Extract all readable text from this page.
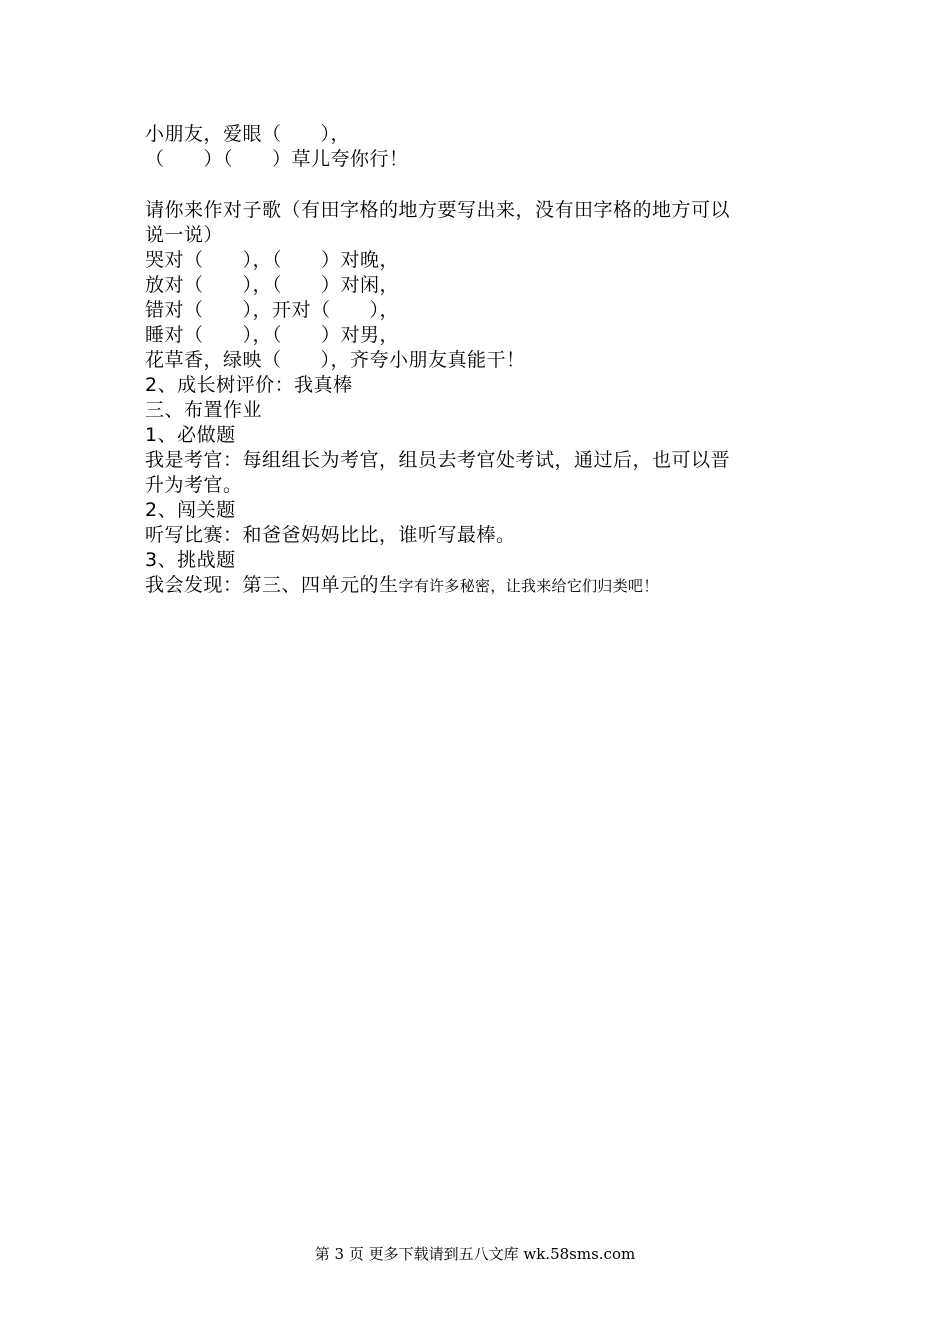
小朋友，爱眼（　　），
（　　）（　　）草儿夸你行！
请你来作对子歌（有田字格的地方要写出来，没有田字格的地方可以
说一说）
哭对（　　），（　　）对晚，
放对（　　），（　　）对闲，
错对（　　），开对（　　），
睡对（　　），（　　）对男，
花草香，绿映（　　），齐夸小朋友真能干！
2、成长树评价：我真棒
三、布置作业
1、必做题
我是考官：每组组长为考官，组员去考官处考试，通过后，也可以晋
升为考官。
2、闯关题
听写比赛：和爸爸妈妈比比，谁听写最棒。
3、挑战题
我会发现：第三、四单元的生字有许多秘密，让我来给它们归类吧！
第 3 页 更多下载请到五八文库 wk.58sms.com
